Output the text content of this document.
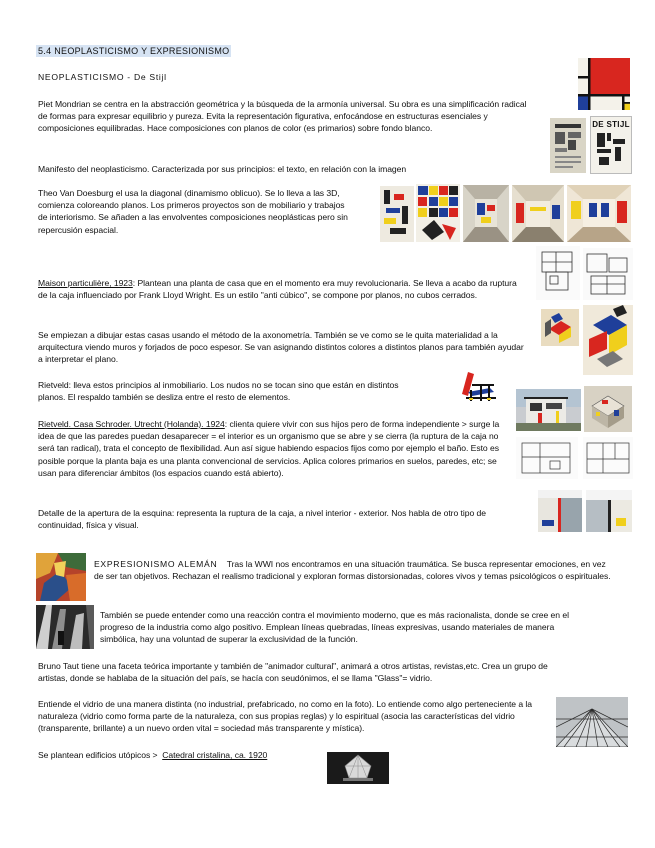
5.4 NEOPLASTICISMO Y EXPRESIONISMO
NEOPLASTICISMO - De Stijl

Piet Mondrian se centra en la abstracción geométrica y la búsqueda de la armonía universal. Su obra es una simplificación radical de formas para expresar equilibrio y pureza. Evita la representación figurativa, enfocándose en estructuras esenciales y composiciones equilibradas. Hace composiciones con planos de color (es primarios) sobre fondo blanco.

Manifesto del neoplasticismo. Caracterizada por sus principios: el texto, en relación con la imagen

Theo Van Doesburg el usa la diagonal (dinamismo oblicuo). Se lo lleva a las 3D, comienza coloreando planos. Los primeros proyectos son de mobiliario y trabajos de interiorismo. Se añaden a las envolventes composiciones neoplásticas pero sin repercusión espacial.

Maison particulière, 1923: Plantean una planta de casa que en el momento era muy revolucionaria. Se lleva a acabo da ruptura de la caja influenciado por Frank Lloyd Wright. Es un estilo "anti cúbico", se compone por planos, no cubos cerrados.

Se empiezan a dibujar estas casas usando el método de la axonometría. También se ve como se le quita materialidad a la arquitectura viendo muros y forjados de poco espesor. Se van asignando distintos colores a distintos planos para también ayudar a interpretar el plano.

Rietveld: lleva estos principios al inmobiliario. Los nudos no se tocan sino que están en distintos planos. El respaldo también se desliza entre el resto de elementos.

Rietveld. Casa Schroder. Utrecht (Holanda). 1924: clienta quiere vivir con sus hijos pero de forma independiente > surge la idea de que las paredes puedan desaparecer = el interior es un organismo que se abre y se cierra (la ruptura de la caja no será tan radical), trata el concepto de flexibilidad. Aun así sigue habiendo espacios fijos como por ejemplo el baño. Esto es posible porque la planta baja es una planta convencional de servicios. Aplica colores primarios en suelos, paredes, etc; se usan para diferenciar ámbitos (los espacios cuando está abierto).

Detalle de la apertura de la esquina: representa la ruptura de la caja, a nivel interior - exterior. Nos habla de otro tipo de continuidad, física y visual.

EXPRESIONISMO ALEMÁN Tras la WWI nos encontramos en una situación traumática. Se busca representar emociones, en vez de ser tan objetivos. Rechazan el realismo tradicional y exploran formas distorsionadas, colores vivos y temas psicológicos o espirituales.

También se puede entender como una reacción contra el movimiento moderno, que es más racionalista, donde se cree en el progreso de la industria como algo positivo. Emplean líneas quebradas, líneas expresivas, usando materiales de manera simbólica, hay una voluntad de superar la exclusividad de la función.

Bruno Taut tiene una faceta teórica importante y también de "animador cultural", animará a otros artistas, revistas,etc. Crea un grupo de artistas, donde se hablaba de la situación del país, se hacía con seudónimos, el se llama "Glass"= vidrio.

Entiende el vidrio de una manera distinta (no industrial, prefabricado, no como en la foto). Lo entiende como algo perteneciente a la naturaleza (vidrio como forma parte de la naturaleza, con sus propias reglas) y lo espiritual (asocia las características del vidrio (transparente, brillante) a un nuevo orden vital = sociedad más transparente y mística).

Se plantean edificios utópicos > Catedral cristalina, ca. 1920

DE STIJL
